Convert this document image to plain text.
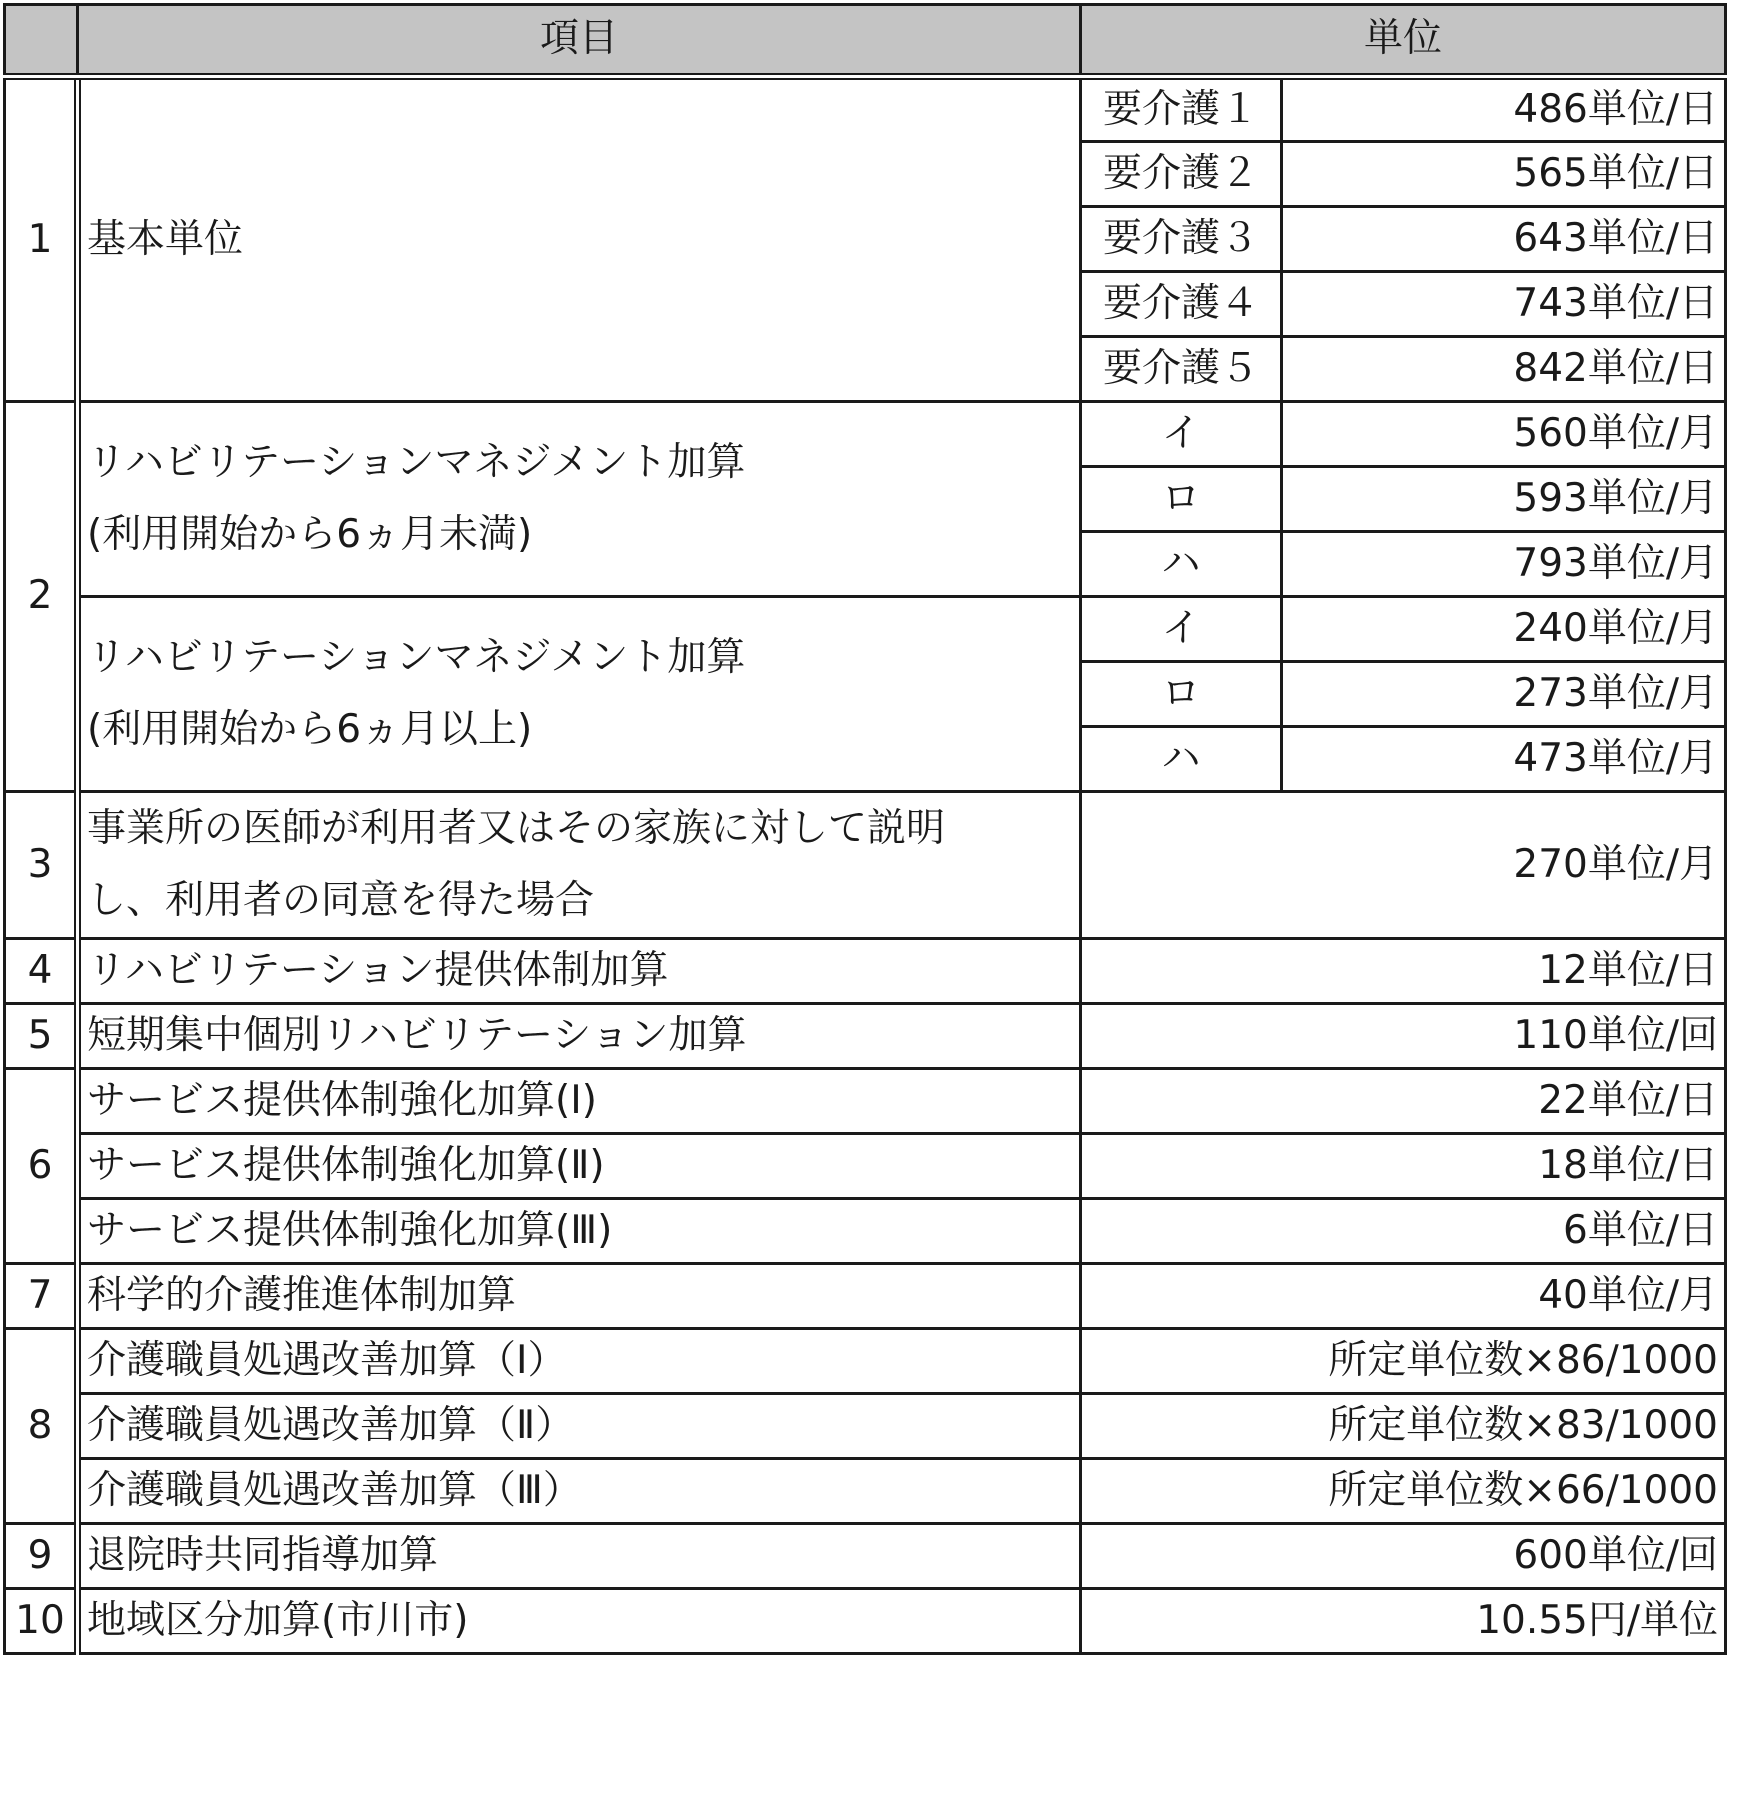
	項目	単位	
1	基本単位	要介護１	486単位/日
		要介護２	565単位/日
		要介護３	643単位/日
		要介護４	743単位/日
		要介護５	842単位/日
2	リハビリテーションマネジメント加算
(利用開始から6ヵ月未満)	イ	560単位/月
		ロ	593単位/月
		ハ	793単位/月

	リハビリテーションマネジメント加算
(利用開始から6ヵ月以上)	イ	240単位/月
		ロ	273単位/月
		ハ	473単位/月
3	事業所の医師が利用者又はその家族に対して説明
し、利用者の同意を得た場合	270単位/月	
4	リハビリテーション提供体制加算	12単位/日	
5	短期集中個別リハビリテーション加算	110単位/回	
6	サービス提供体制強化加算(Ⅰ)	22単位/日	
	サービス提供体制強化加算(Ⅱ)	18単位/日	
	サービス提供体制強化加算(Ⅲ)	6単位/日	
7	科学的介護推進体制加算	40単位/月	
8	介護職員処遇改善加算（Ⅰ）	所定単位数×86/1000	
	介護職員処遇改善加算（Ⅱ）	所定単位数×83/1000	
	介護職員処遇改善加算（Ⅲ）	所定単位数×66/1000	
9	退院時共同指導加算	600単位/回	
10	地域区分加算(市川市)	10.55円/単位	
